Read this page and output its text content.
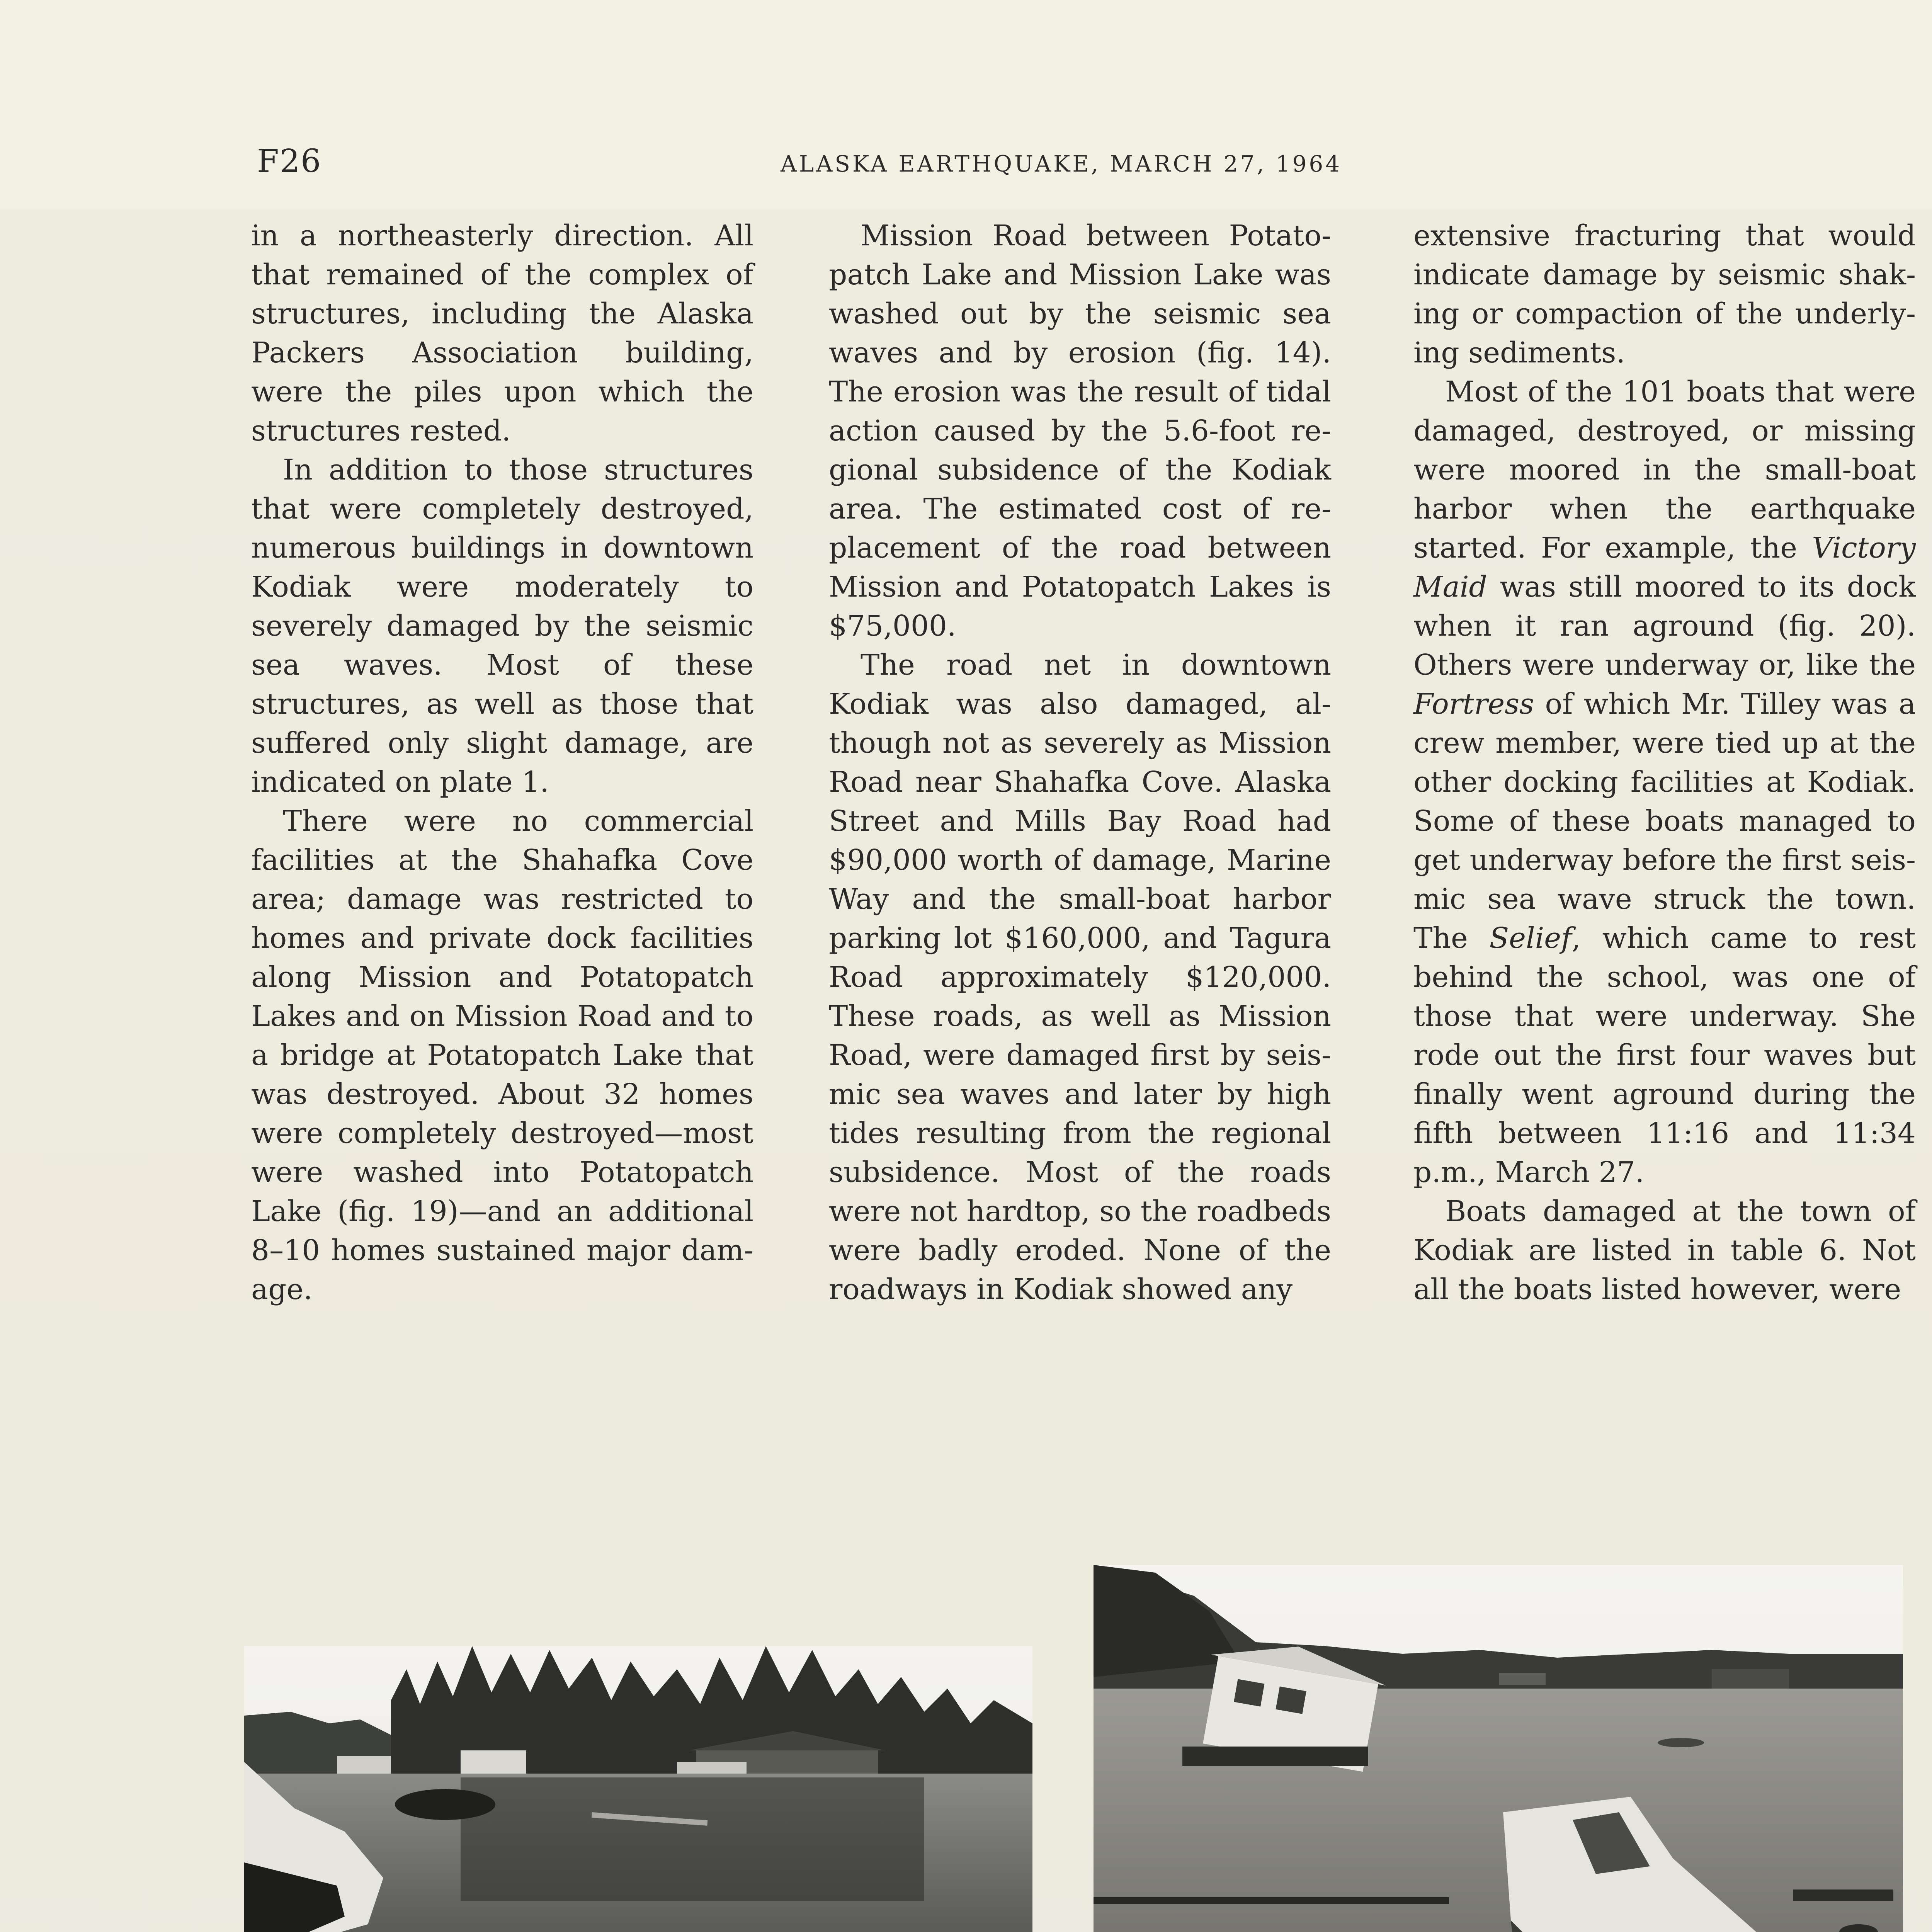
F26	ALASKA EARTHQUAKE, MARCH 27, 1964

in a northeasterly direction. All that remained of the complex of structures, including the Alaska Packers Association building, were the piles upon which the structures rested.

In addition to those structures that were completely destroyed, numerous buildings in downtown Kodiak were moderately to severely damaged by the seismic sea waves. Most of these structures, as well as those that suffered only slight damage, are indicated on plate 1.

There were no commercial facilities at the Shahafka Cove area; damage was restricted to homes and private dock facilities along Mission and Potatopatch Lakes and on Mission Road and to a bridge at Potatopatch Lake that was destroyed. About 32 homes were completely destroyed—most were washed into Potatopatch Lake (fig. 19)—and an additional 8–10 homes sustained major damage.

Mission Road between Potatopatch Lake and Mission Lake was washed out by the seismic sea waves and by erosion (fig. 14). The erosion was the result of tidal action caused by the 5.6-foot regional subsidence of the Kodiak area. The estimated cost of replacement of the road between Mission and Potatopatch Lakes is $75,000.

The road net in downtown Kodiak was also damaged, although not as severely as Mission Road near Shahafka Cove. Alaska Street and Mills Bay Road had $90,000 worth of damage, Marine Way and the small-boat harbor parking lot $160,000, and Tagura Road approximately $120,000. These roads, as well as Mission Road, were damaged first by seismic sea waves and later by high tides resulting from the regional subsidence. Most of the roads were not hardtop, so the roadbeds were badly eroded. None of the roadways in Kodiak showed any

extensive fracturing that would indicate damage by seismic shaking or compaction of the underlying sediments.

Most of the 101 boats that were damaged, destroyed, or missing were moored in the small-boat harbor when the earthquake started. For example, the Victory Maid was still moored to its dock when it ran aground (fig. 20). Others were underway or, like the Fortress of which Mr. Tilley was a crew member, were tied up at the other docking facilities at Kodiak. Some of these boats managed to get underway before the first seismic sea wave struck the town. The Selief, which came to rest behind the school, was one of those that were underway. She rode out the first four waves but finally went aground during the fifth between 11:16 and 11:34 p.m., March 27.

Boats damaged at the town of Kodiak are listed in table 6. Not all the boats listed however, were
